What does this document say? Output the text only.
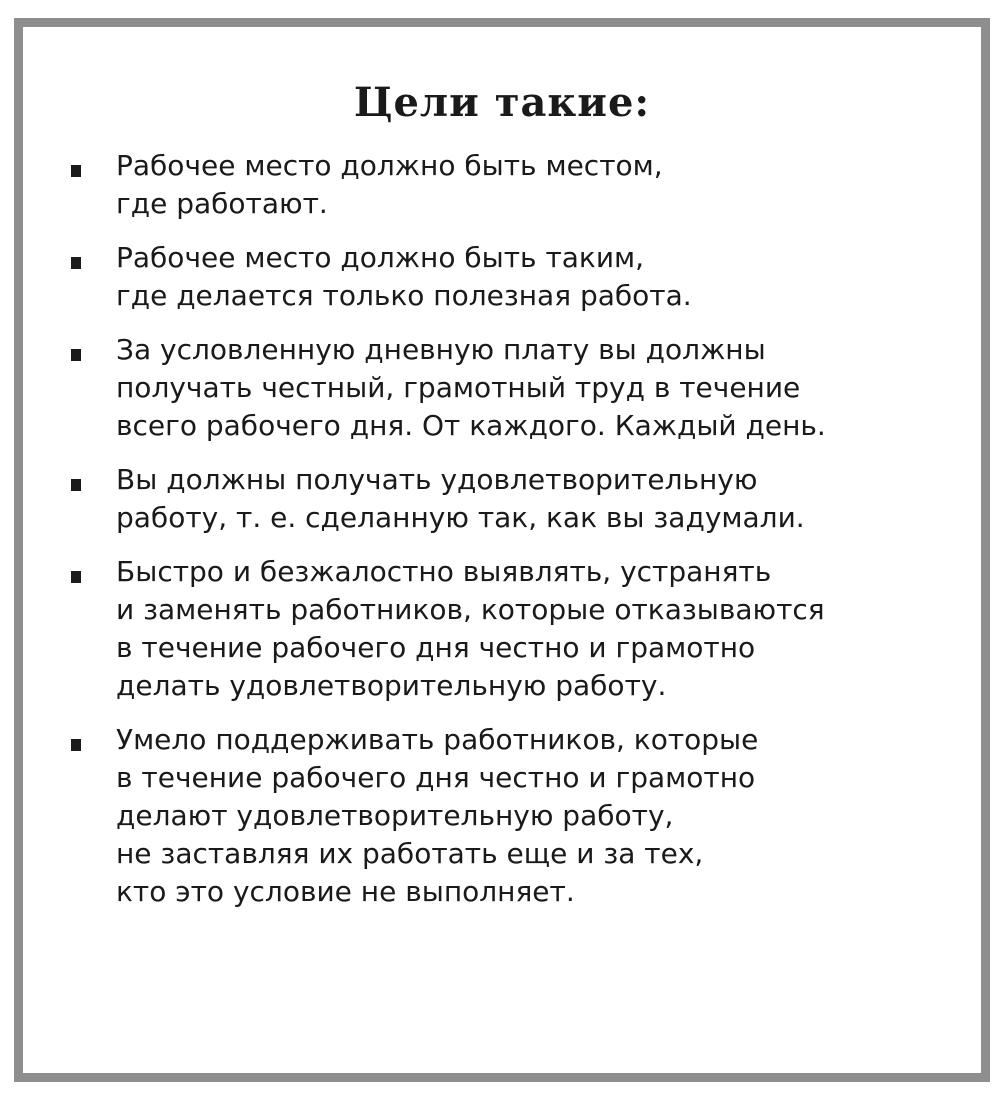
Цели такие:
Рабочее место должно быть местом,
где работают.
Рабочее место должно быть таким,
где делается только полезная работа.
За условленную дневную плату вы должны
получать честный, грамотный труд в течение
всего рабочего дня. От каждого. Каждый день.
Вы должны получать удовлетворительную
работу, т. е. сделанную так, как вы задумали.
Быстро и безжалостно выявлять, устранять
и заменять работников, которые отказываются
в течение рабочего дня честно и грамотно
делать удовлетворительную работу.
Умело поддерживать работников, которые
в течение рабочего дня честно и грамотно
делают удовлетворительную работу,
не заставляя их работать еще и за тех,
кто это условие не выполняет.
